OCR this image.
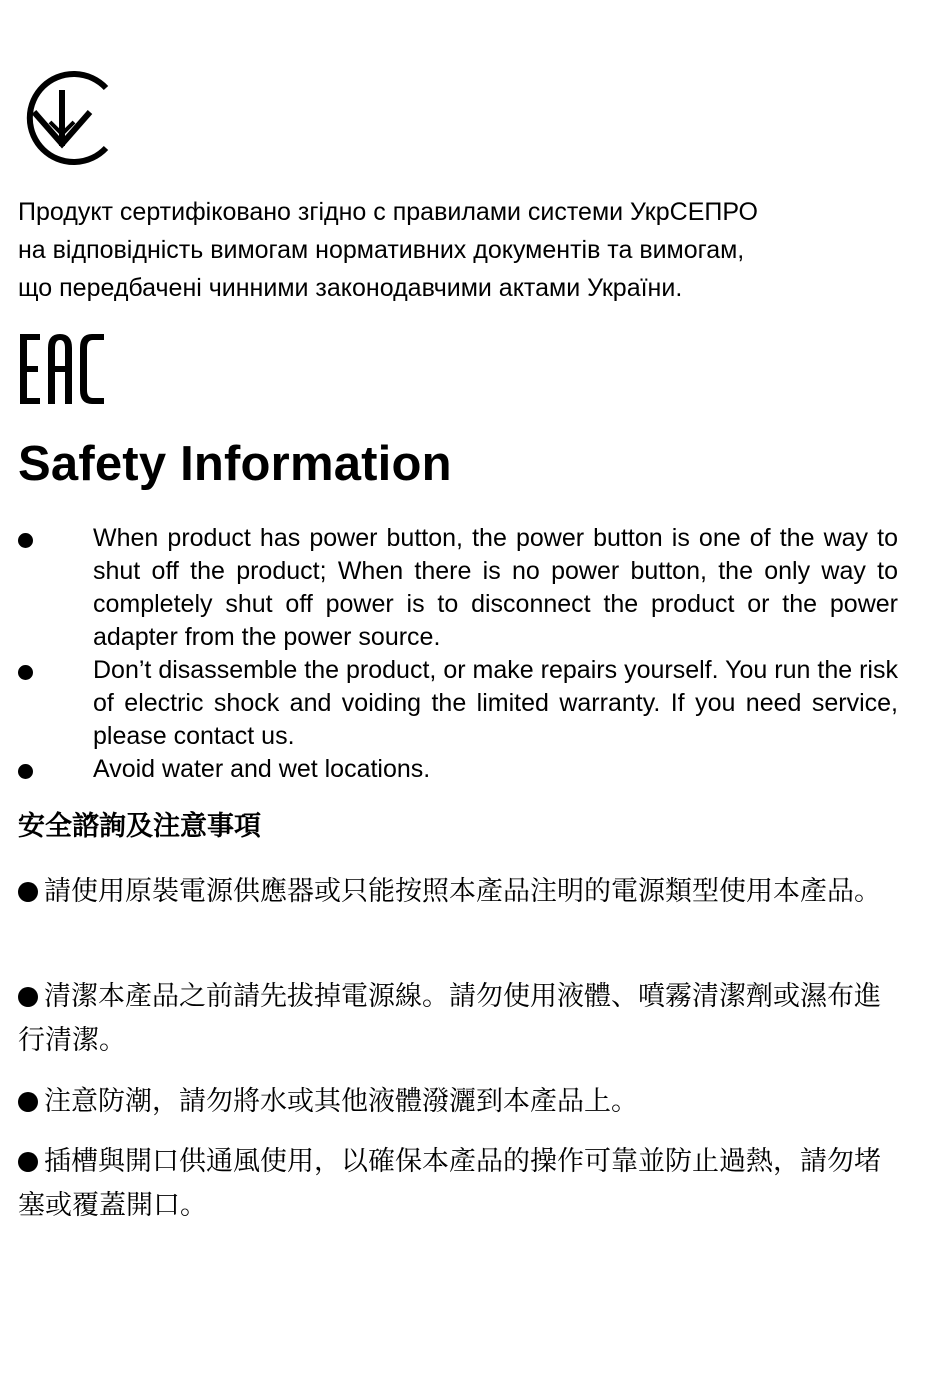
Продукт сертифіковано згідно с правилами системи УкрСЕПРО

на відповідність вимогам нормативних документів та вимогам,

що передбачені чинними законодавчими актами України.

Safety Information
When product has power button, the power button is one of the way to shut off the product; When there is no power button, the only way to completely shut off power is to disconnect the product or the power adapter from the power source.
Don’t disassemble the product, or make repairs yourself. You run the risk of electric shock and voiding the limited warranty. If you need service, please contact us.
Avoid water and wet locations.
安全諮詢及注意事項

請使用原裝電源供應器或只能按照本產品注明的電源類型使用本產品。

清潔本產品之前請先拔掉電源線。請勿使用液體、噴霧清潔劑或濕布進行清潔。

注意防潮，請勿將水或其他液體潑灑到本產品上。

插槽與開口供通風使用，以確保本產品的操作可靠並防止過熱，請勿堵塞或覆蓋開口。
